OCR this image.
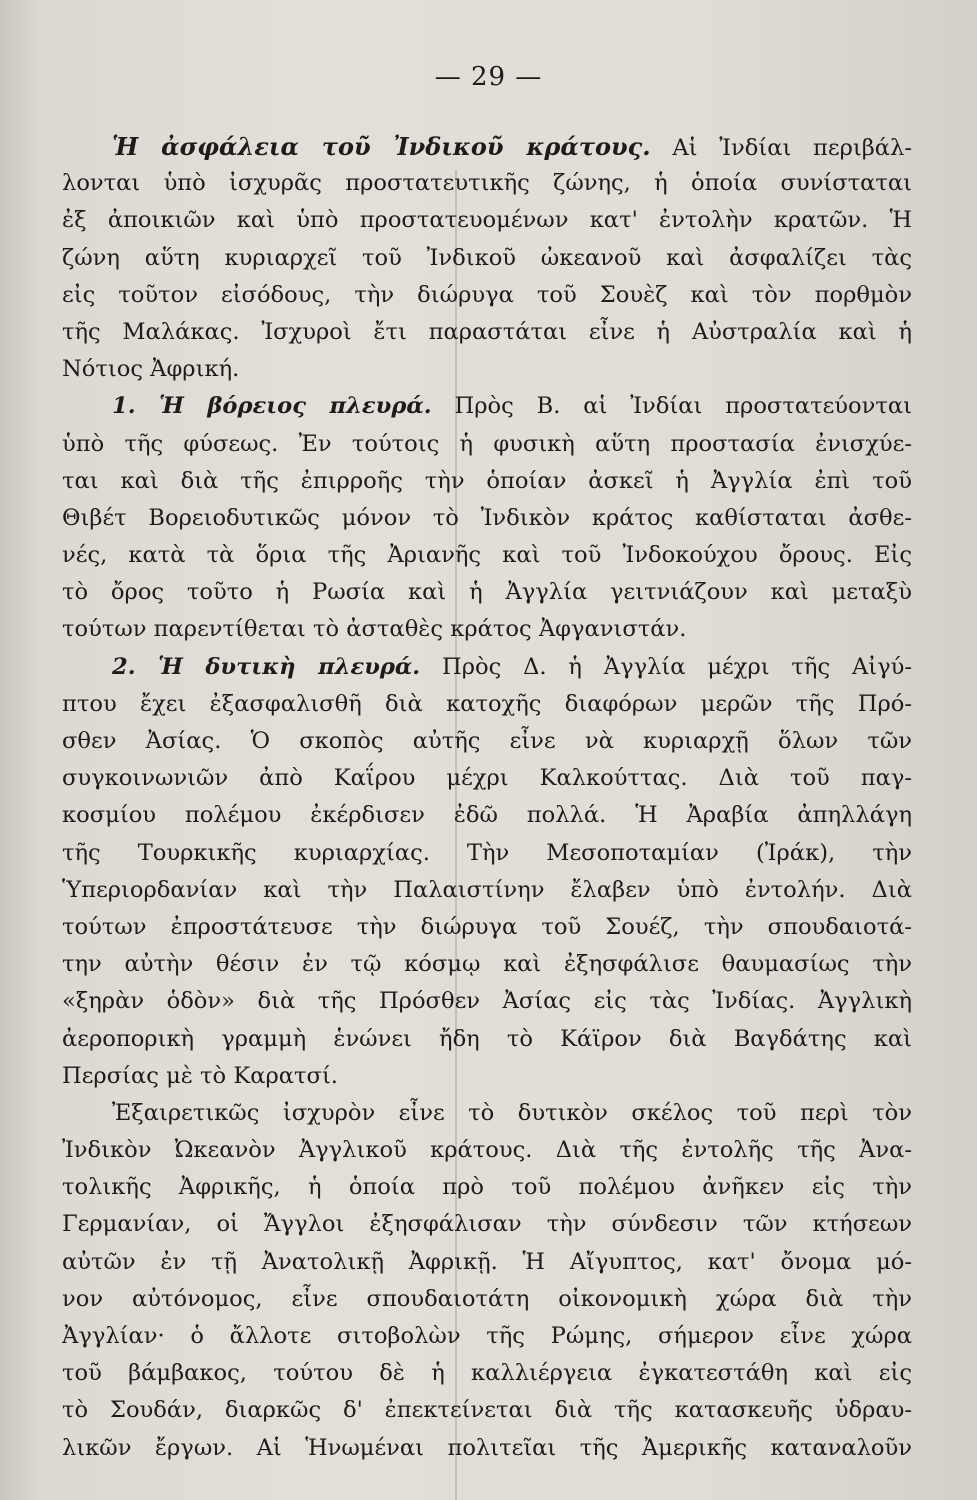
— 29 —
Ἡ ἀσφάλεια τοῦ Ἰνδικοῦ κράτους. Αἱ Ἰνδίαι περιβάλ-
λονται ὑπὸ ἰσχυρᾶς προστατευτικῆς ζώνης, ἡ ὁποία συνίσταται
ἐξ ἀποικιῶν καὶ ὑπὸ προστατευομένων κατ' ἐντολὴν κρατῶν. Ἡ
ζώνη αὕτη κυριαρχεῖ τοῦ Ἰνδικοῦ ὠκεανοῦ καὶ ἀσφαλίζει τὰς
εἰς τοῦτον εἰσόδους, τὴν διώρυγα τοῦ Σουὲζ καὶ τὸν πορθμὸν
τῆς Μαλάκας. Ἰσχυροὶ ἔτι παραστάται εἶνε ἡ Αὐστραλία καὶ ἡ
Νότιος Ἀφρική.
1. Ἡ βόρειος πλευρά. Πρὸς Β. αἱ Ἰνδίαι προστατεύονται
ὑπὸ τῆς φύσεως. Ἐν τούτοις ἡ φυσικὴ αὕτη προστασία ἐνισχύε-
ται καὶ διὰ τῆς ἐπιρροῆς τὴν ὁποίαν ἀσκεῖ ἡ Ἀγγλία ἐπὶ τοῦ
Θιβέτ Βορειοδυτικῶς μόνον τὸ Ἰνδικὸν κράτος καθίσταται ἀσθε-
νές, κατὰ τὰ ὅρια τῆς Ἀριανῆς καὶ τοῦ Ἰνδοκούχου ὄρους. Εἰς
τὸ ὄρος τοῦτο ἡ Ρωσία καὶ ἡ Ἀγγλία γειτνιάζουν καὶ μεταξὺ
τούτων παρεντίθεται τὸ ἀσταθὲς κράτος Ἀφγανιστάν.
2. Ἡ δυτικὴ πλευρά. Πρὸς Δ. ἡ Ἀγγλία μέχρι τῆς Αἰγύ-
πτου ἔχει ἐξασφαλισθῆ διὰ κατοχῆς διαφόρων μερῶν τῆς Πρό-
σθεν Ἀσίας. Ὁ σκοπὸς αὐτῆς εἶνε νὰ κυριαρχῇ ὅλων τῶν
συγκοινωνιῶν ἀπὸ Καΐρου μέχρι Καλκούττας. Διὰ τοῦ παγ-
κοσμίου πολέμου ἐκέρδισεν ἐδῶ πολλά. Ἡ Ἀραβία ἀπηλλάγη
τῆς Τουρκικῆς κυριαρχίας. Τὴν Μεσοποταμίαν (Ἰράκ), τὴν
Ὑπεριορδανίαν καὶ τὴν Παλαιστίνην ἔλαβεν ὑπὸ ἐντολήν. Διὰ
τούτων ἐπροστάτευσε τὴν διώρυγα τοῦ Σουέζ, τὴν σπουδαιοτά-
την αὐτὴν θέσιν ἐν τῷ κόσμῳ καὶ ἐξησφάλισε θαυμασίως τὴν
«ξηρὰν ὁδὸν» διὰ τῆς Πρόσθεν Ἀσίας εἰς τὰς Ἰνδίας. Ἀγγλικὴ
ἀεροπορικὴ γραμμὴ ἑνώνει ἤδη τὸ Κάϊρον διὰ Βαγδάτης καὶ
Περσίας μὲ τὸ Καρατσί.
Ἐξαιρετικῶς ἰσχυρὸν εἶνε τὸ δυτικὸν σκέλος τοῦ περὶ τὸν
Ἰνδικὸν Ὠκεανὸν Ἀγγλικοῦ κράτους. Διὰ τῆς ἐντολῆς τῆς Ἀνα-
τολικῆς Ἀφρικῆς, ἡ ὁποία πρὸ τοῦ πολέμου ἀνῆκεν εἰς τὴν
Γερμανίαν, οἱ Ἄγγλοι ἐξησφάλισαν τὴν σύνδεσιν τῶν κτήσεων
αὐτῶν ἐν τῇ Ἀνατολικῇ Ἀφρικῇ. Ἡ Αἴγυπτος, κατ' ὄνομα μό-
νον αὐτόνομος, εἶνε σπουδαιοτάτη οἰκονομικὴ χώρα διὰ τὴν
Ἀγγλίαν· ὁ ἄλλοτε σιτοβολὼν τῆς Ρώμης, σήμερον εἶνε χώρα
τοῦ βάμβακος, τούτου δὲ ἡ καλλιέργεια ἐγκατεστάθη καὶ εἰς
τὸ Σουδάν, διαρκῶς δ' ἐπεκτείνεται διὰ τῆς κατασκευῆς ὑδραυ-
λικῶν ἔργων. Αἱ Ἡνωμέναι πολιτεῖαι τῆς Ἀμερικῆς καταναλοῦν
